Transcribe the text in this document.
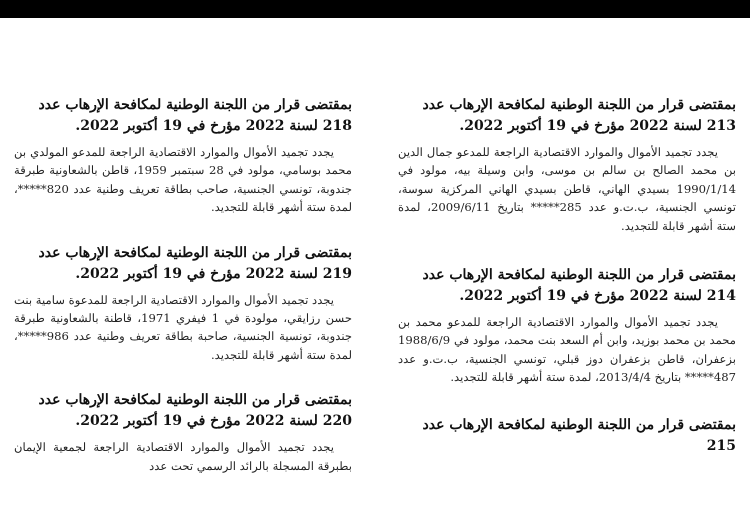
بمقتضى قرار من اللجنة الوطنية لمكافحة الإرهاب عدد 213 لسنة 2022 مؤرخ في 19 أكتوبر 2022.

يجدد تجميد الأموال والموارد الاقتصادية الراجعة للمدعو جمال الدين بن محمد الصالح بن سالم بن موسى، وابن وسيلة بيه، مولود في 1990/1/14 بسيدي الهاني، قاطن بسيدي الهاني المركزية سوسة، تونسي الجنسية، ب.ت.و عدد 285***** بتاريخ 2009/6/11، لمدة ستة أشهر قابلة للتجديد.

بمقتضى قرار من اللجنة الوطنية لمكافحة الإرهاب عدد 214 لسنة 2022 مؤرخ في 19 أكتوبر 2022.

يجدد تجميد الأموال والموارد الاقتصادية الراجعة للمدعو محمد بن محمد بن محمد بوزيد، وابن أم السعد بنت محمد، مولود في 1988/6/9 بزعفران، قاطن بزعفران دوز قبلي، تونسي الجنسية، ب.ت.و عدد 487***** بتاريخ 2013/4/4، لمدة ستة أشهر قابلة للتجديد.

بمقتضى قرار من اللجنة الوطنية لمكافحة الإرهاب عدد 215

بمقتضى قرار من اللجنة الوطنية لمكافحة الإرهاب عدد 218 لسنة 2022 مؤرخ في 19 أكتوبر 2022.

يجدد تجميد الأموال والموارد الاقتصادية الراجعة للمدعو المولدي بن محمد بوسامي، مولود في 28 سبتمبر 1959، قاطن بالشعاونية طبرقة جندوبة، تونسي الجنسية، صاحب بطاقة تعريف وطنية عدد 820*****، لمدة ستة أشهر قابلة للتجديد.

بمقتضى قرار من اللجنة الوطنية لمكافحة الإرهاب عدد 219 لسنة 2022 مؤرخ في 19 أكتوبر 2022.

يجدد تجميد الأموال والموارد الاقتصادية الراجعة للمدعوة سامية بنت حسن رزايقي، مولودة في 1 فيفري 1971، قاطنة بالشعاونية طبرقة جندوبة، تونسية الجنسية، صاحبة بطاقة تعريف وطنية عدد 986*****، لمدة ستة أشهر قابلة للتجديد.

بمقتضى قرار من اللجنة الوطنية لمكافحة الإرهاب عدد 220 لسنة 2022 مؤرخ في 19 أكتوبر 2022.

يجدد تجميد الأموال والموارد الاقتصادية الراجعة لجمعية الإيمان بطبرقة المسجلة بالرائد الرسمي تحت عدد
